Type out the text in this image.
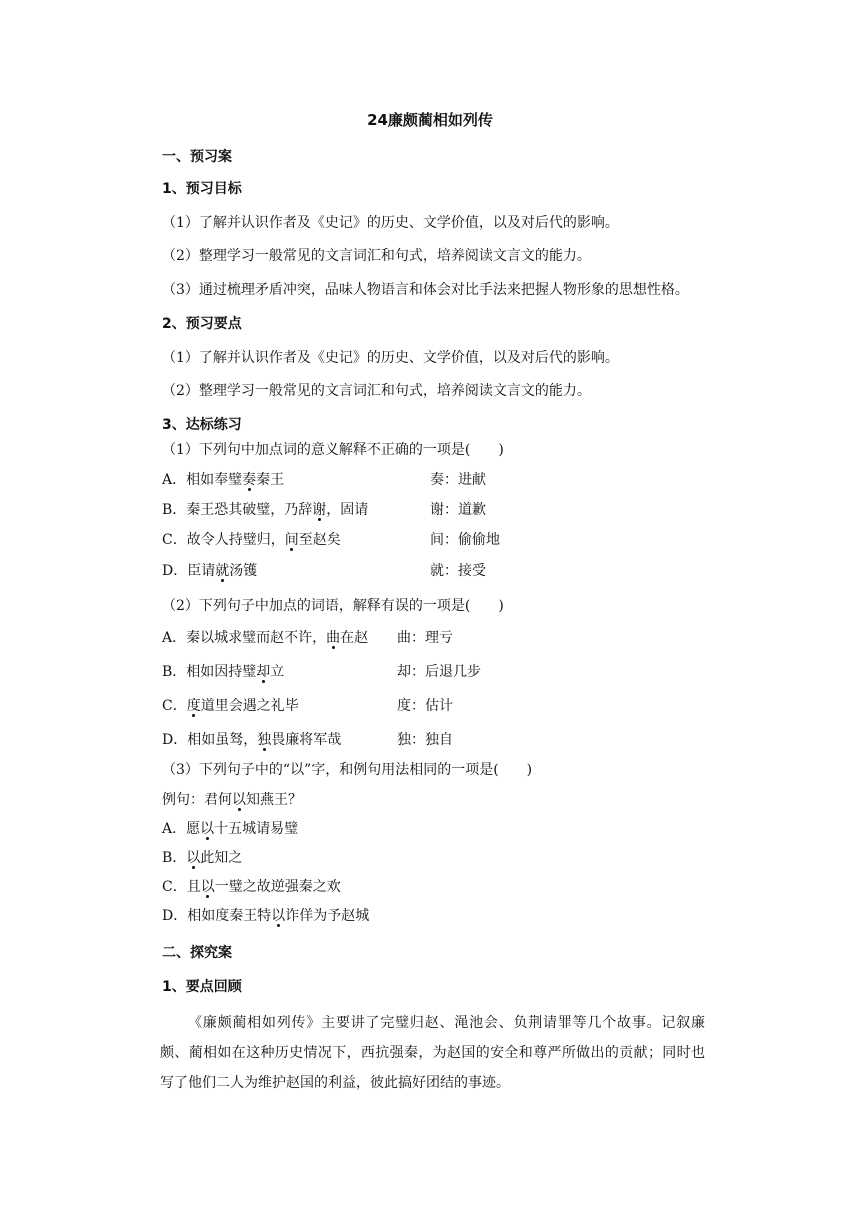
24廉颇蔺相如列传
一、预习案
1、预习目标
（1）了解并认识作者及《史记》的历史、文学价值，以及对后代的影响。
（2）整理学习一般常见的文言词汇和句式，培养阅读文言文的能力。
（3）通过梳理矛盾冲突，品味人物语言和体会对比手法来把握人物形象的思想性格。
2、预习要点
（1）了解并认识作者及《史记》的历史、文学价值，以及对后代的影响。
（2）整理学习一般常见的文言词汇和句式，培养阅读文言文的能力。
3、达标练习
（1）下列句中加点词的意义解释不正确的一项是(　　)
A．相如奉璧奏秦王	奏：进献
B．秦王恐其破璧，乃辞谢，固请	谢：道歉
C．故令人持璧归，间至赵矣	间：偷偷地
D．臣请就汤镬	就：接受
（2）下列句子中加点的词语，解释有误的一项是(　　)
A．秦以城求璧而赵不许，曲在赵 曲：理亏
B．相如因持璧却立	却：后退几步
C．度道里会遇之礼毕	度：估计
D．相如虽驽，独畏廉将军哉	独：独自
（3）下列句子中的“以”字，和例句用法相同的一项是(　　)
例句：君何以知燕王？
A．愿以十五城请易璧
B．以此知之
C．且以一璧之故逆强秦之欢
D．相如度秦王特以诈佯为予赵城
二、探究案
1、要点回顾
《廉颇蔺相如列传》主要讲了完璧归赵、渑池会、负荆请罪等几个故事。记叙廉颇、蔺相如在这种历史情况下，西抗强秦，为赵国的安全和尊严所做出的贡献；同时也写了他们二人为维护赵国的利益，彼此搞好团结的事迹。
